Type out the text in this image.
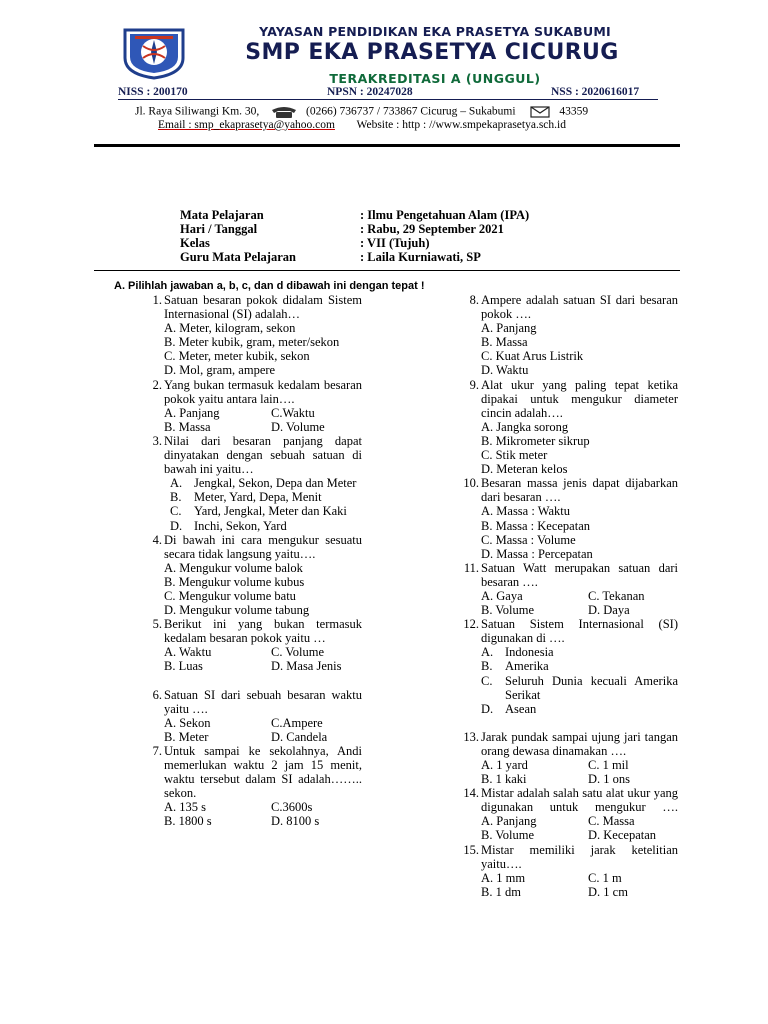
YAYASAN PENDIDIKAN EKA PRASETYA SUKABUMI
SMP EKA PRASETYA CICURUG
TERAKREDITASI A (UNGGUL)
NISS : 200170	NPSN : 20247028	NSS : 2020616017
Jl. Raya Siliwangi Km. 30,	(0266) 736737 / 733867 Cicurug – Sukabumi	43359
Email : smp_ekaprasetya@yahoo.com Website : http : //www.smpekaprasetya.sch.id
Mata Pelajaran	: Ilmu Pengetahuan Alam (IPA)
Hari / Tanggal	: Rabu, 29 September 2021
Kelas	: VII (Tujuh)
Guru Mata Pelajaran	: Laila Kurniawati, SP
A. Pilihlah jawaban a, b, c, dan d dibawah ini dengan tepat !
1. Satuan besaran pokok didalam Sistem Internasional (SI) adalah…
A. Meter, kilogram, sekon
B. Meter kubik, gram, meter/sekon
C. Meter, meter kubik, sekon
D. Mol, gram, ampere
2. Yang bukan termasuk kedalam besaran pokok yaitu antara lain….
A. Panjang	C.Waktu
B. Massa	D. Volume
3. Nilai dari besaran panjang dapat dinyatakan dengan sebuah satuan di bawah ini yaitu…
A. Jengkal, Sekon, Depa dan Meter
B. Meter, Yard, Depa, Menit
C. Yard, Jengkal, Meter dan Kaki
D. Inchi, Sekon, Yard
4. Di bawah ini cara mengukur sesuatu secara tidak langsung yaitu….
A. Mengukur volume balok
B. Mengukur volume kubus
C. Mengukur volume batu
D. Mengukur volume tabung
5. Berikut ini yang bukan termasuk kedalam besaran pokok yaitu …
A. Waktu	C. Volume
B. Luas	D. Masa Jenis
6. Satuan SI dari sebuah besaran waktu yaitu ….
A. Sekon	C.Ampere
B. Meter	D. Candela
7. Untuk sampai ke sekolahnya, Andi memerlukan waktu 2 jam 15 menit, waktu tersebut dalam SI adalah…….. sekon.
A. 135 s	C.3600s
B. 1800 s	D. 8100 s
8. Ampere adalah satuan SI dari besaran pokok ….
A. Panjang
B. Massa
C. Kuat Arus Listrik
D. Waktu
9. Alat ukur yang paling tepat ketika dipakai untuk mengukur diameter cincin adalah….
A. Jangka sorong
B. Mikrometer sikrup
C. Stik meter
D. Meteran kelos
10. Besaran massa jenis dapat dijabarkan dari besaran ….
A. Massa : Waktu
B. Massa : Kecepatan
C. Massa : Volume
D. Massa : Percepatan
11. Satuan Watt merupakan satuan dari besaran ….
A. Gaya	C. Tekanan
B. Volume	D. Daya
12. Satuan Sistem Internasional (SI) digunakan di ….
A. Indonesia
B. Amerika
C. Seluruh Dunia kecuali Amerika Serikat
D. Asean
13. Jarak pundak sampai ujung jari tangan orang dewasa dinamakan ….
A. 1 yard	C. 1 mil
B. 1 kaki	D. 1 ons
14. Mistar adalah salah satu alat ukur yang digunakan untuk mengukur ….
A. Panjang	C. Massa
B. Volume	D. Kecepatan
15. Mistar memiliki jarak ketelitian yaitu….
A. 1 mm	C. 1 m
B. 1 dm	D. 1 cm
